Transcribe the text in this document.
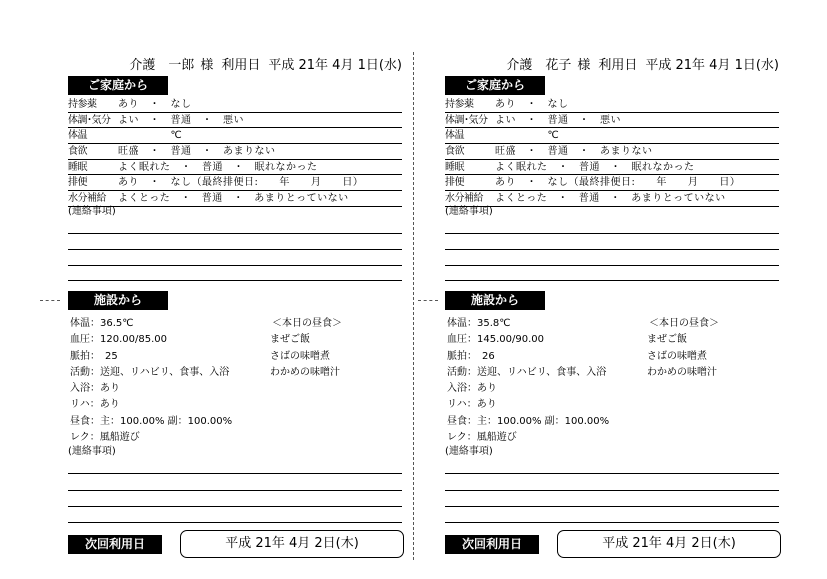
介護　一郎 様 利用日 平成 21年 4月 1日(水)
ご家庭から
持参薬	あり　・　なし
体調･気分 よい　・　普通　・　悪い
体温	　　　　　℃
食欲	旺盛　・　普通　・　あまりない
睡眠	よく眠れた　・　普通　・　眠れなかった
排便	あり　・　なし（最終排便日:　　年　　月　　日）
水分補給	よくとった　・　普通　・　あまりとっていない
(連絡事項)
施設から
体温：36.5℃
血圧：120.00/85.00
脈拍：　25
活動：送迎、リハビリ、食事、入浴
入浴：あり
リハ：あり
昼食：主：100.00% 副：100.00%
レク：風船遊び
＜本日の昼食＞
まぜご飯
さばの味噌煮
わかめの味噌汁
(連絡事項)
次回利用日	平成 21年 4月 2日(木)
介護　花子 様 利用日 平成 21年 4月 1日(水)
ご家庭から
持参薬	あり　・　なし
体調･気分 よい　・　普通　・　悪い
体温	　　　　　℃
食欲	旺盛　・　普通　・　あまりない
睡眠	よく眠れた　・　普通　・　眠れなかった
排便	あり　・　なし（最終排便日:　　年　　月　　日）
水分補給	よくとった　・　普通　・　あまりとっていない
(連絡事項)
施設から
体温：35.8℃
血圧：145.00/90.00
脈拍：　26
活動：送迎、リハビリ、食事、入浴
入浴：あり
リハ：あり
昼食：主：100.00% 副：100.00%
レク：風船遊び
＜本日の昼食＞
まぜご飯
さばの味噌煮
わかめの味噌汁
(連絡事項)
次回利用日	平成 21年 4月 2日(木)
